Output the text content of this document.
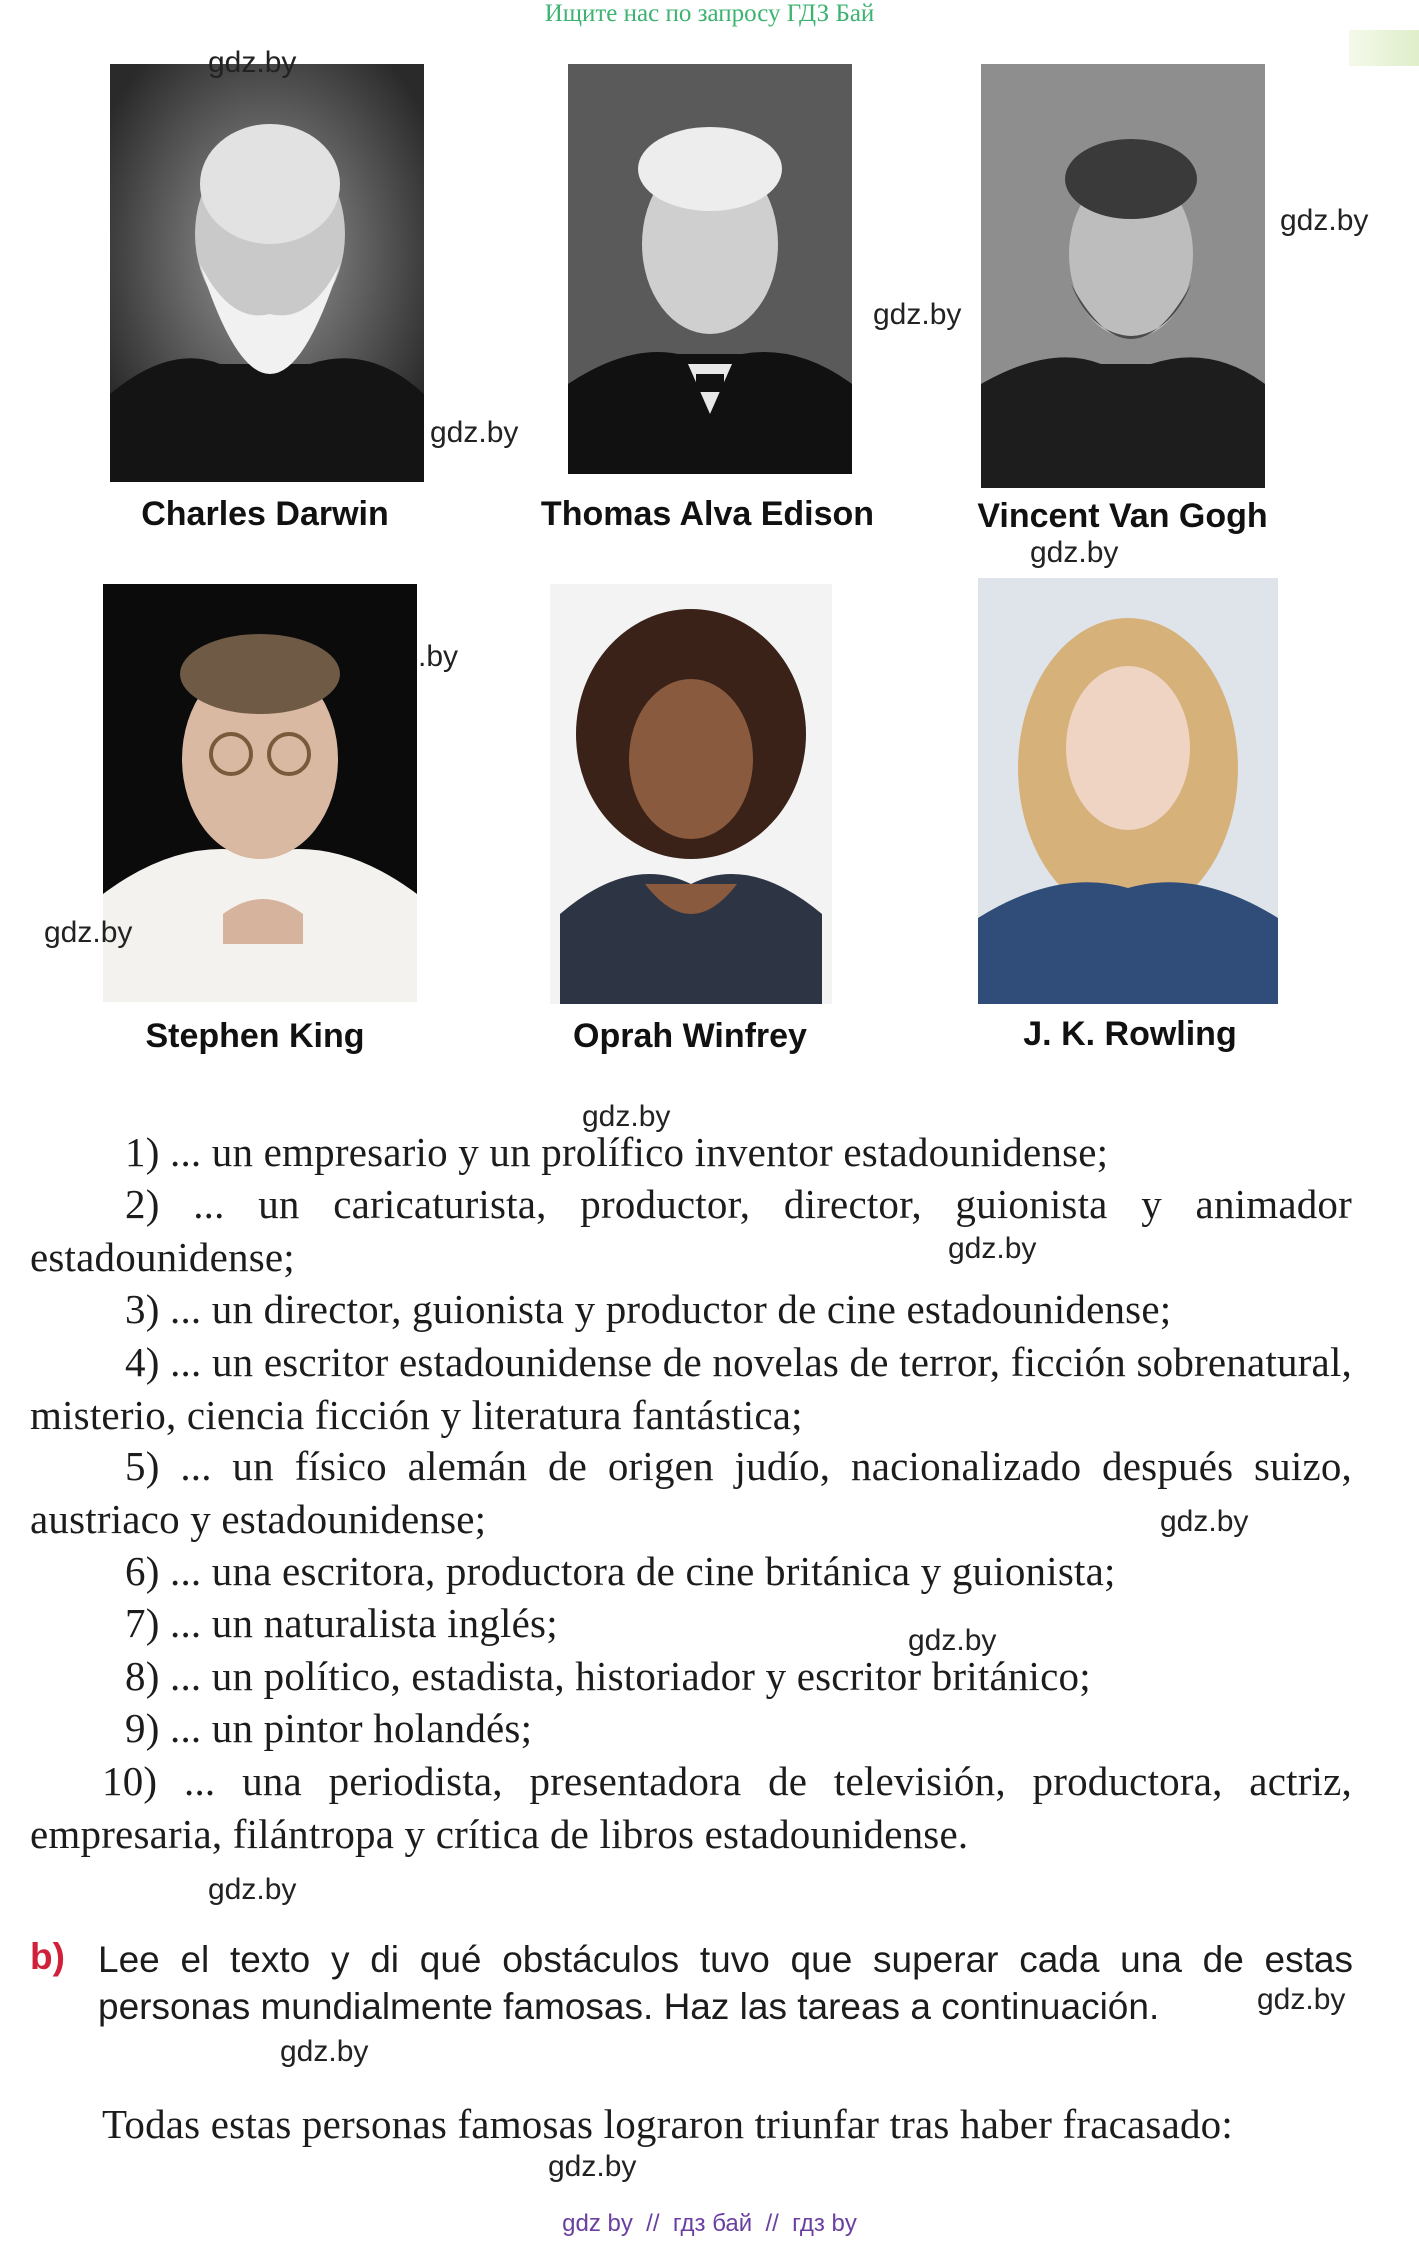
Ищите нас по запросу ГДЗ Бай
gdz.by
gdz.by
gdz.by
gdz.by
Charles Darwin	Thomas Alva Edison	Vincent Van Gogh
gdz.by
.by
gdz.by
Stephen King	Oprah Winfrey	J. K. Rowling
gdz.by
1) ... un empresario y un prolífico inventor estadounidense;
2) ... un caricaturista, productor, director, guionista y animador estadounidense;	gdz.by
3) ... un director, guionista y productor de cine estadounidense;
4) ... un escritor estadounidense de novelas de terror, ficción sobrenatural, misterio, ciencia ficción y literatura fantástica;
5) ... un físico alemán de origen judío, nacionalizado después suizo, austriaco y estadounidense;	gdz.by
6) ... una escritora, productora de cine británica y guionista;
7) ... un naturalista inglés;	gdz.by
8) ... un político, estadista, historiador y escritor británico;
9) ... un pintor holandés;
10) ... una periodista, presentadora de televisión, productora, actriz, empresaria, filántropa y crítica de libros estadounidense.
gdz.by
b) Lee el texto y di qué obstáculos tuvo que superar cada una de estas personas mundialmente famosas. Haz las tareas a continuación.	gdz.by
gdz.by
Todas estas personas famosas lograron triunfar tras haber fracasado:
gdz.by
gdz by  //  гдз бай  //  гдз by
